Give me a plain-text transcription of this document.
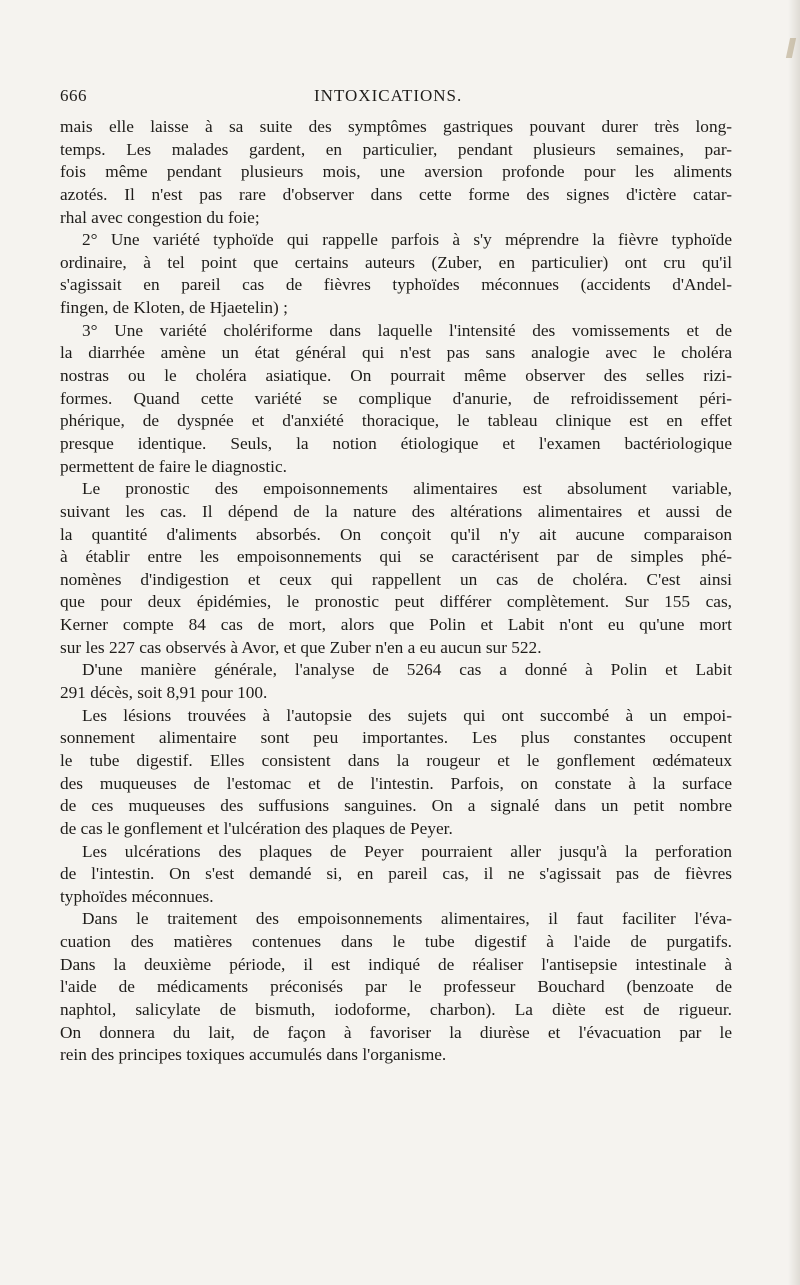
666	INTOXICATIONS.
mais elle laisse à sa suite des symptômes gastriques pouvant durer très long-
temps. Les malades gardent, en particulier, pendant plusieurs semaines, par-
fois même pendant plusieurs mois, une aversion profonde pour les aliments
azotés. Il n'est pas rare d'observer dans cette forme des signes d'ictère catar-
rhal avec congestion du foie;
2° Une variété typhoïde qui rappelle parfois à s'y méprendre la fièvre typhoïde
ordinaire, à tel point que certains auteurs (Zuber, en particulier) ont cru qu'il
s'agissait en pareil cas de fièvres typhoïdes méconnues (accidents d'Andel-
fingen, de Kloten, de Hjaetelin) ;
3° Une variété cholériforme dans laquelle l'intensité des vomissements et de
la diarrhée amène un état général qui n'est pas sans analogie avec le choléra
nostras ou le choléra asiatique. On pourrait même observer des selles rizi-
formes. Quand cette variété se complique d'anurie, de refroidissement péri-
phérique, de dyspnée et d'anxiété thoracique, le tableau clinique est en effet
presque identique. Seuls, la notion étiologique et l'examen bactériologique
permettent de faire le diagnostic.
Le pronostic des empoisonnements alimentaires est absolument variable,
suivant les cas. Il dépend de la nature des altérations alimentaires et aussi de
la quantité d'aliments absorbés. On conçoit qu'il n'y ait aucune comparaison
à établir entre les empoisonnements qui se caractérisent par de simples phé-
nomènes d'indigestion et ceux qui rappellent un cas de choléra. C'est ainsi
que pour deux épidémies, le pronostic peut différer complètement. Sur 155 cas,
Kerner compte 84 cas de mort, alors que Polin et Labit n'ont eu qu'une mort
sur les 227 cas observés à Avor, et que Zuber n'en a eu aucun sur 522.
D'une manière générale, l'analyse de 5264 cas a donné à Polin et Labit
291 décès, soit 8,91 pour 100.
Les lésions trouvées à l'autopsie des sujets qui ont succombé à un empoi-
sonnement alimentaire sont peu importantes. Les plus constantes occupent
le tube digestif. Elles consistent dans la rougeur et le gonflement œdémateux
des muqueuses de l'estomac et de l'intestin. Parfois, on constate à la surface
de ces muqueuses des suffusions sanguines. On a signalé dans un petit nombre
de cas le gonflement et l'ulcération des plaques de Peyer.
Les ulcérations des plaques de Peyer pourraient aller jusqu'à la perforation
de l'intestin. On s'est demandé si, en pareil cas, il ne s'agissait pas de fièvres
typhoïdes méconnues.
Dans le traitement des empoisonnements alimentaires, il faut faciliter l'éva-
cuation des matières contenues dans le tube digestif à l'aide de purgatifs.
Dans la deuxième période, il est indiqué de réaliser l'antisepsie intestinale à
l'aide de médicaments préconisés par le professeur Bouchard (benzoate de
naphtol, salicylate de bismuth, iodoforme, charbon). La diète est de rigueur.
On donnera du lait, de façon à favoriser la diurèse et l'évacuation par le
rein des principes toxiques accumulés dans l'organisme.
